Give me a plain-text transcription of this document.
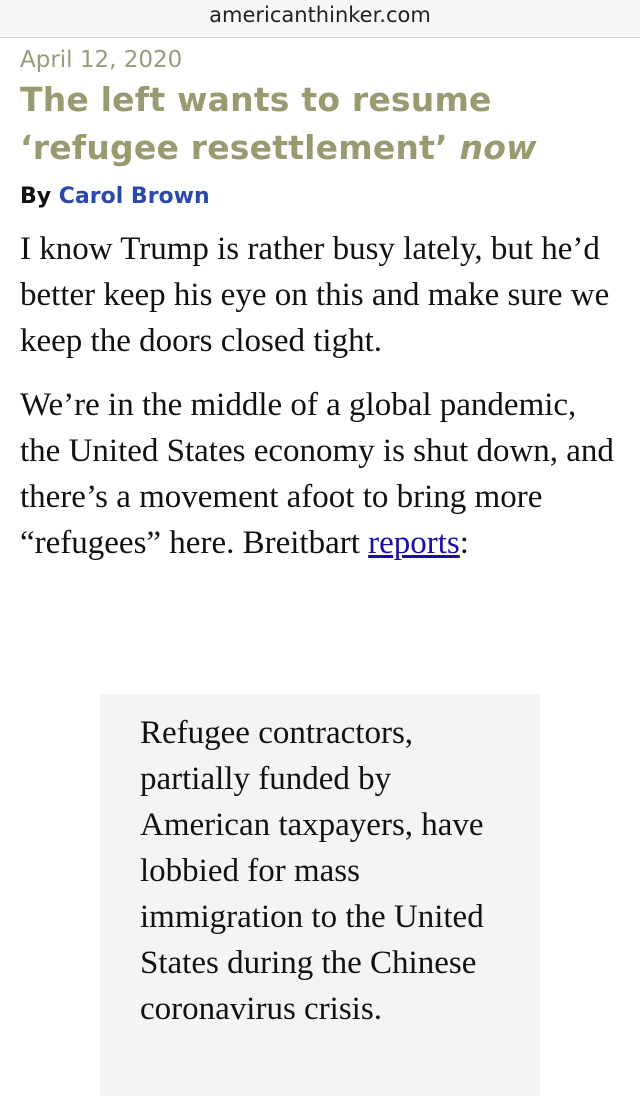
americanthinker.com

April 12, 2020

The left wants to resume
‘refugee resettlement’ now
By Carol Brown

I know Trump is rather busy lately, but he’d better keep his eye on this and make sure we keep the doors closed tight.

We’re in the middle of a global pandemic, the United States economy is shut down, and there’s a movement afoot to bring more “refugees” here. Breitbart reports:

Refugee contractors, partially funded by American taxpayers, have lobbied for mass immigration to the United States during the Chinese coronavirus crisis.
